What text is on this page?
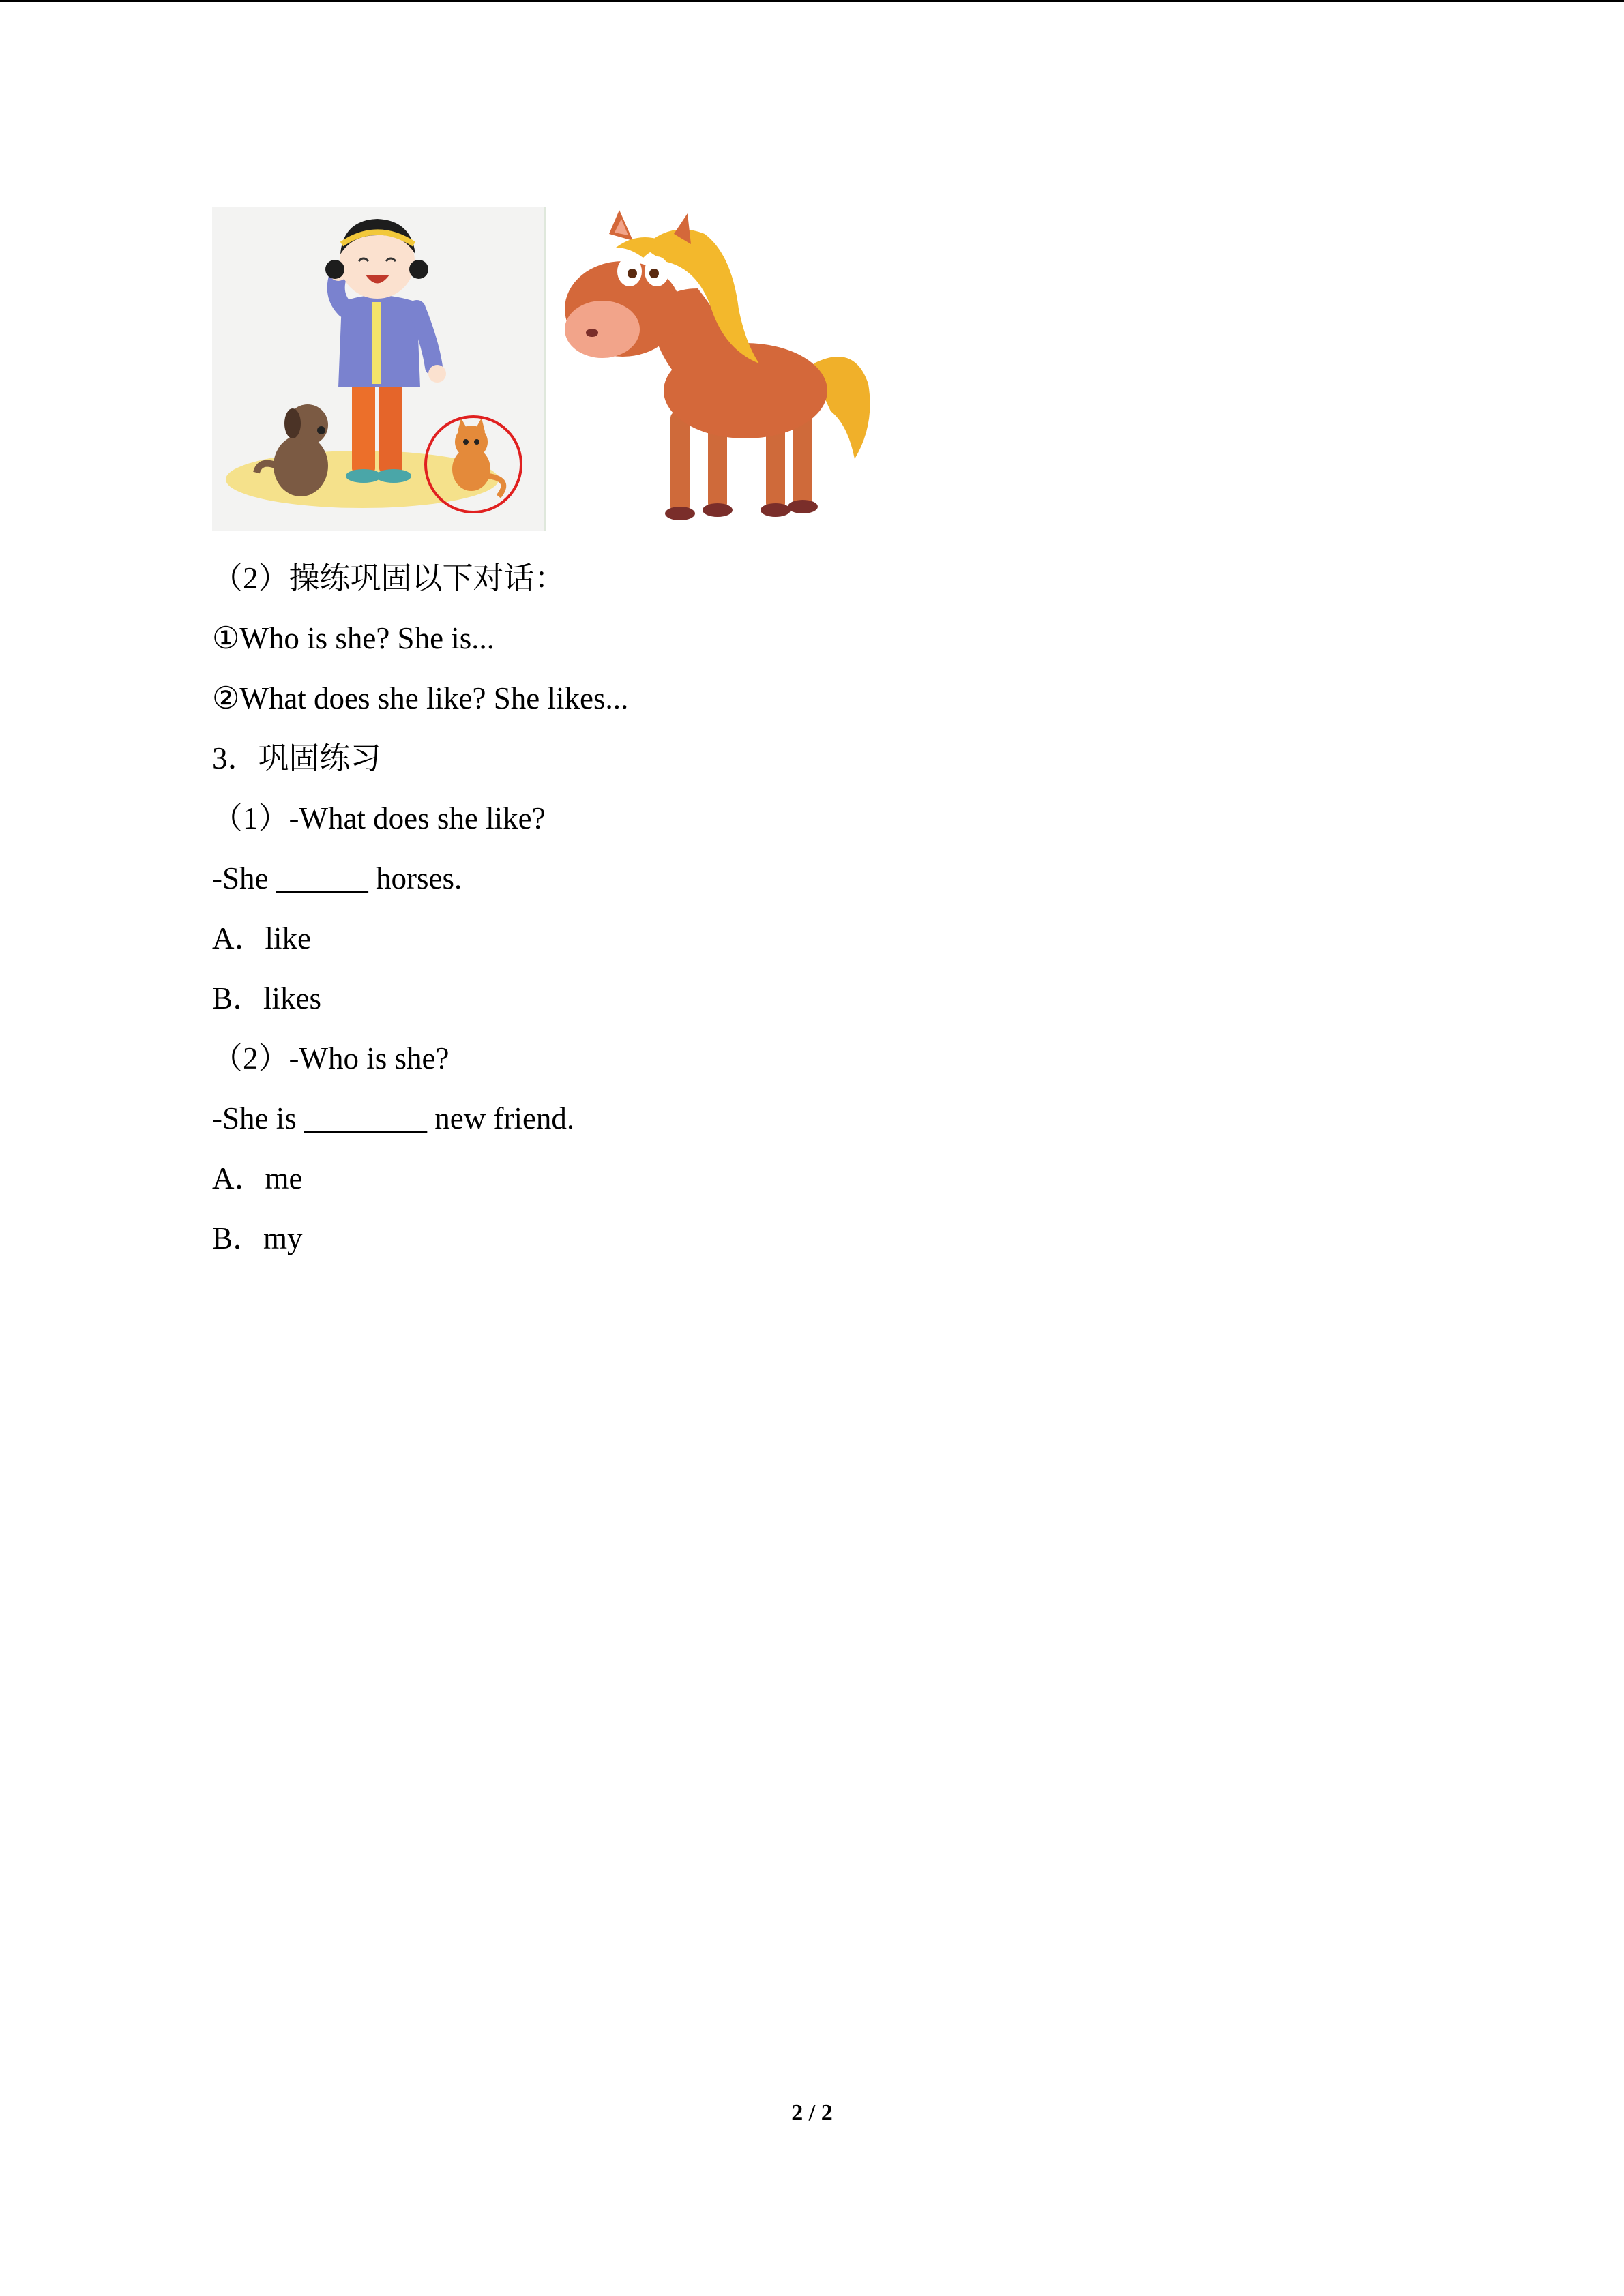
（2）操练巩固以下对话：
①Who is she? She is...
②What does she like? She likes...
3．巩固练习
（1）-What does she like?
-She ______ horses.
A．like
B．likes
（2）-Who is she?
-She is ________ new friend.
A．me
B．my
2 / 2
